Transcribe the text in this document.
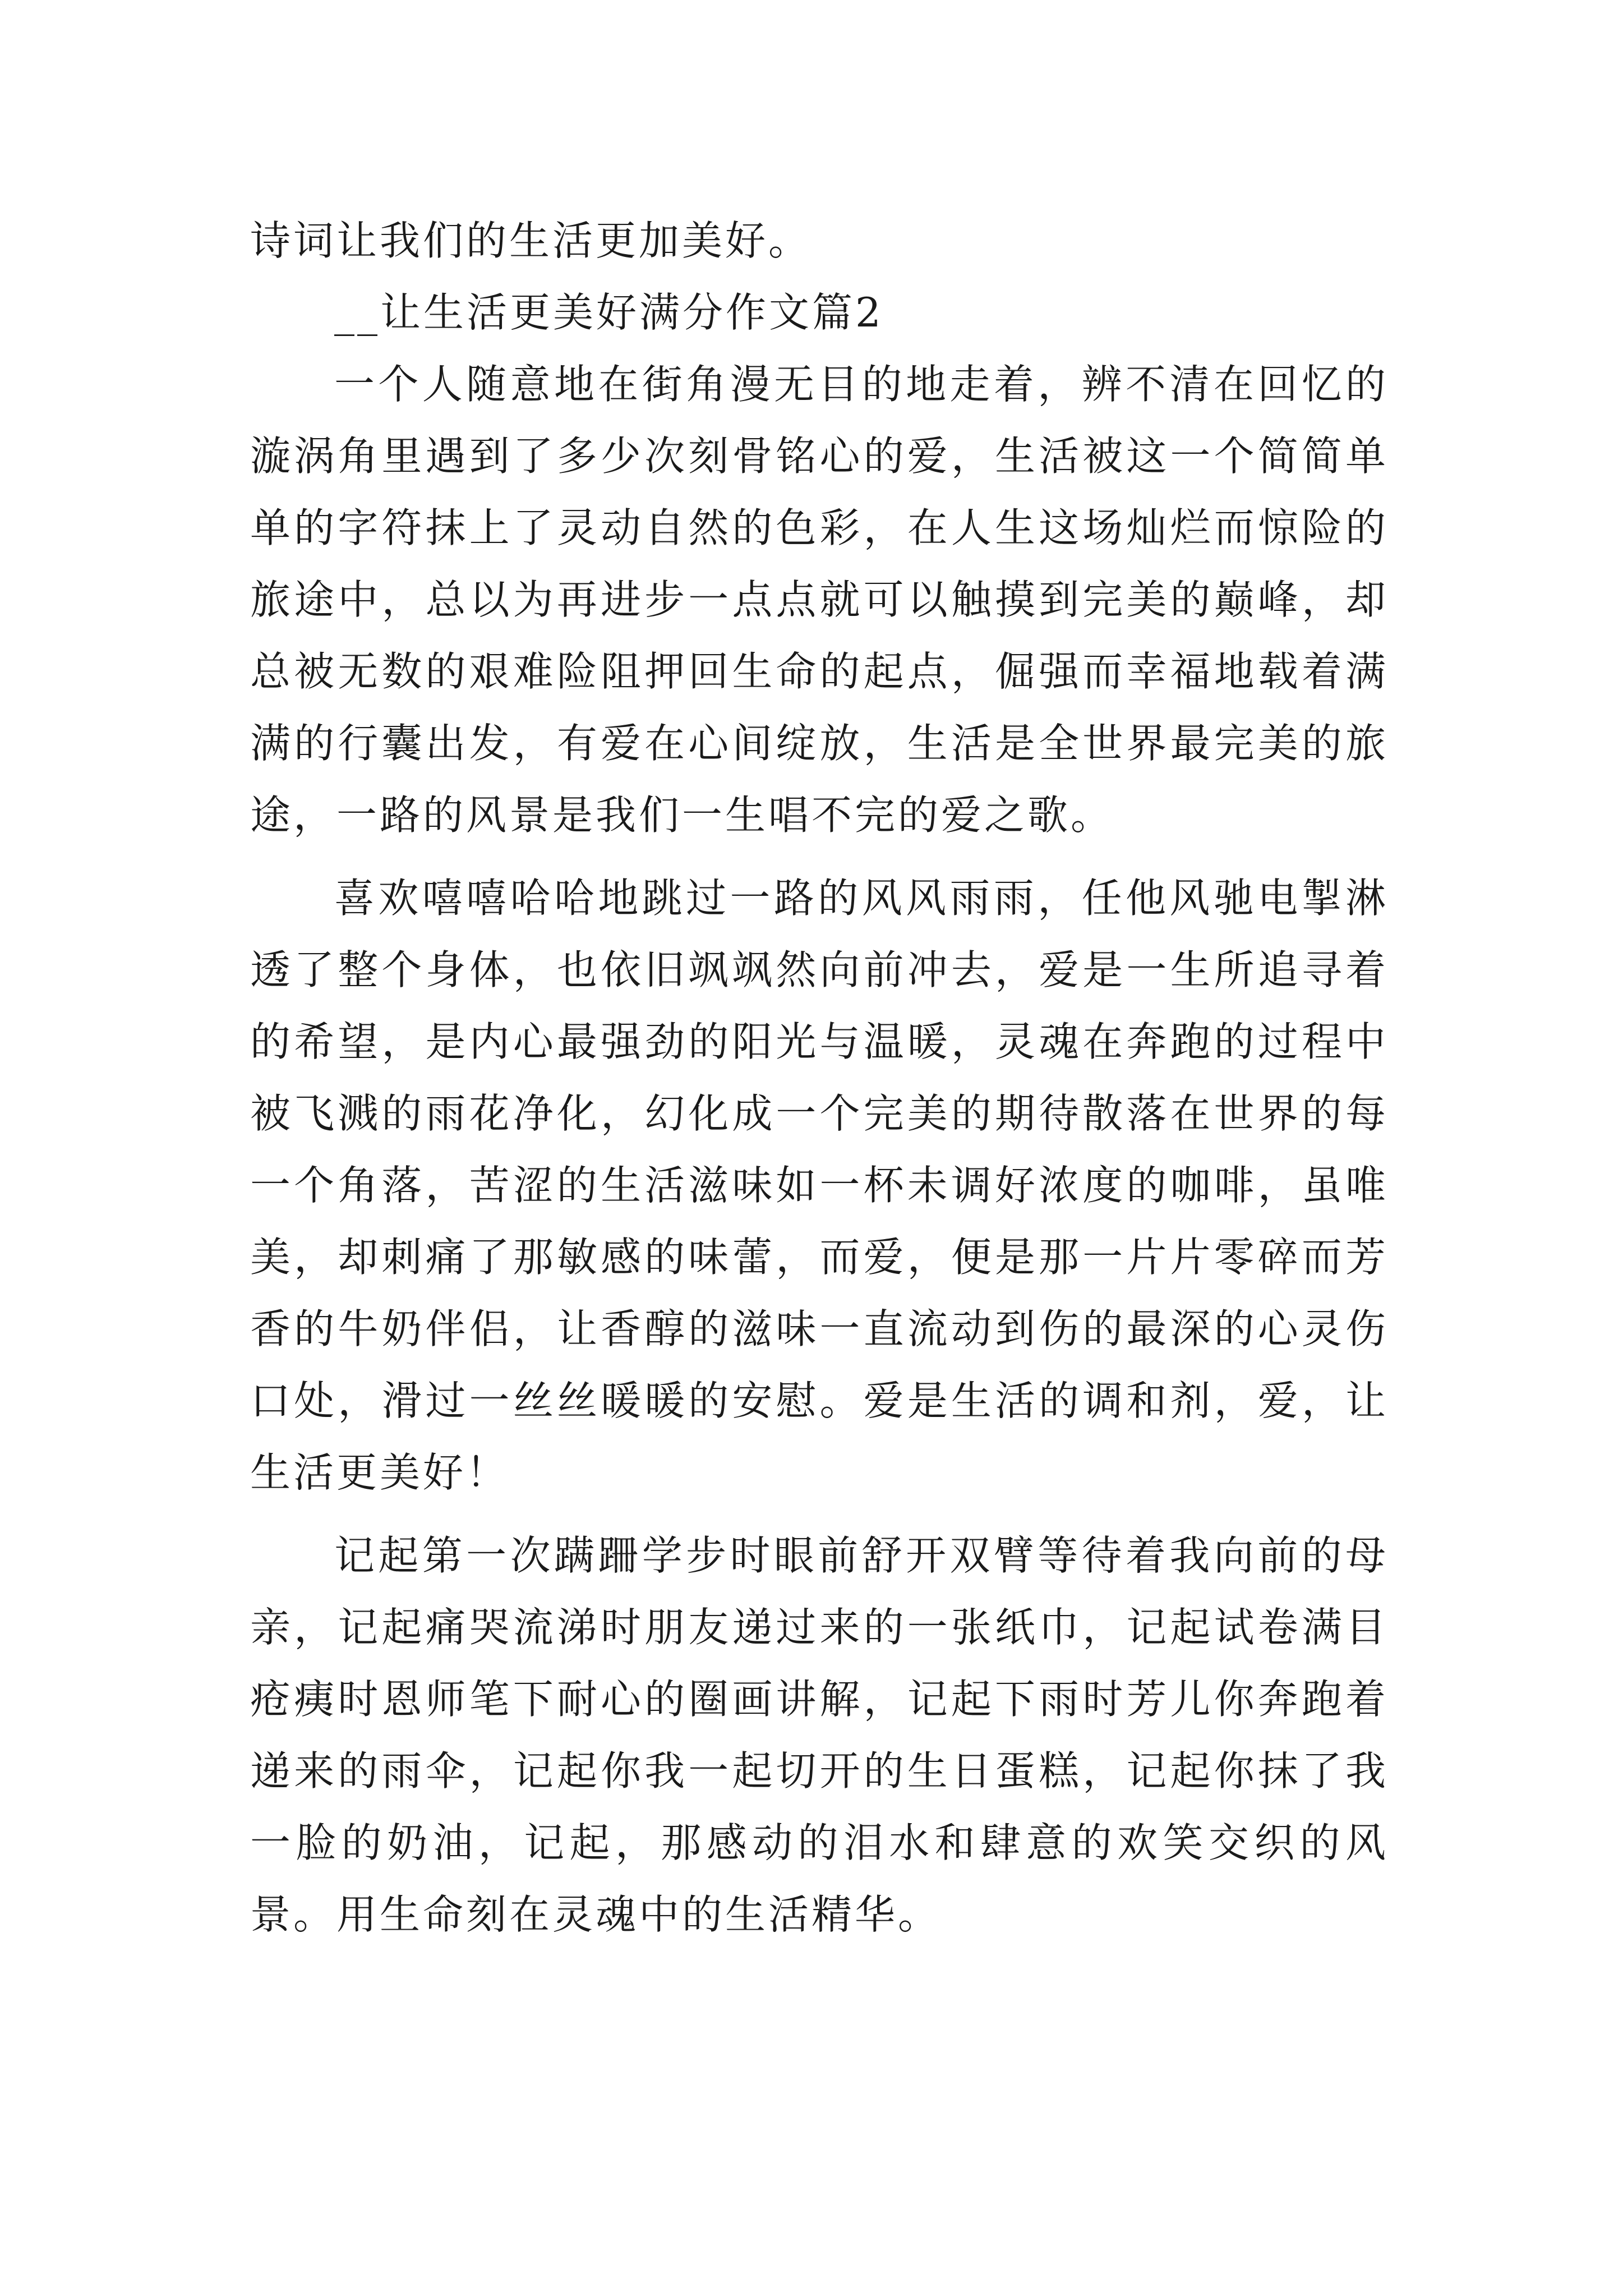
诗词让我们的生活更加美好。

__让生活更美好满分作文篇2

一个人随意地在街角漫无目的地走着，辨不清在回忆的漩涡角里遇到了多少次刻骨铭心的爱，生活被这一个简简单单的字符抹上了灵动自然的色彩，在人生这场灿烂而惊险的旅途中，总以为再进步一点点就可以触摸到完美的巅峰，却总被无数的艰难险阻押回生命的起点，倔强而幸福地载着满满的行囊出发，有爱在心间绽放，生活是全世界最完美的旅途，一路的风景是我们一生唱不完的爱之歌。

喜欢嘻嘻哈哈地跳过一路的风风雨雨，任他风驰电掣淋透了整个身体，也依旧飒飒然向前冲去，爱是一生所追寻着的希望，是内心最强劲的阳光与温暖，灵魂在奔跑的过程中被飞溅的雨花净化，幻化成一个完美的期待散落在世界的每一个角落，苦涩的生活滋味如一杯未调好浓度的咖啡，虽唯美，却刺痛了那敏感的味蕾，而爱，便是那一片片零碎而芳香的牛奶伴侣，让香醇的滋味一直流动到伤的最深的心灵伤口处，滑过一丝丝暖暖的安慰。爱是生活的调和剂，爱，让生活更美好！

记起第一次蹒跚学步时眼前舒开双臂等待着我向前的母亲，记起痛哭流涕时朋友递过来的一张纸巾，记起试卷满目疮痍时恩师笔下耐心的圈画讲解，记起下雨时芳儿你奔跑着递来的雨伞，记起你我一起切开的生日蛋糕，记起你抹了我一脸的奶油，记起，那感动的泪水和肆意的欢笑交织的风景。用生命刻在灵魂中的生活精华。
